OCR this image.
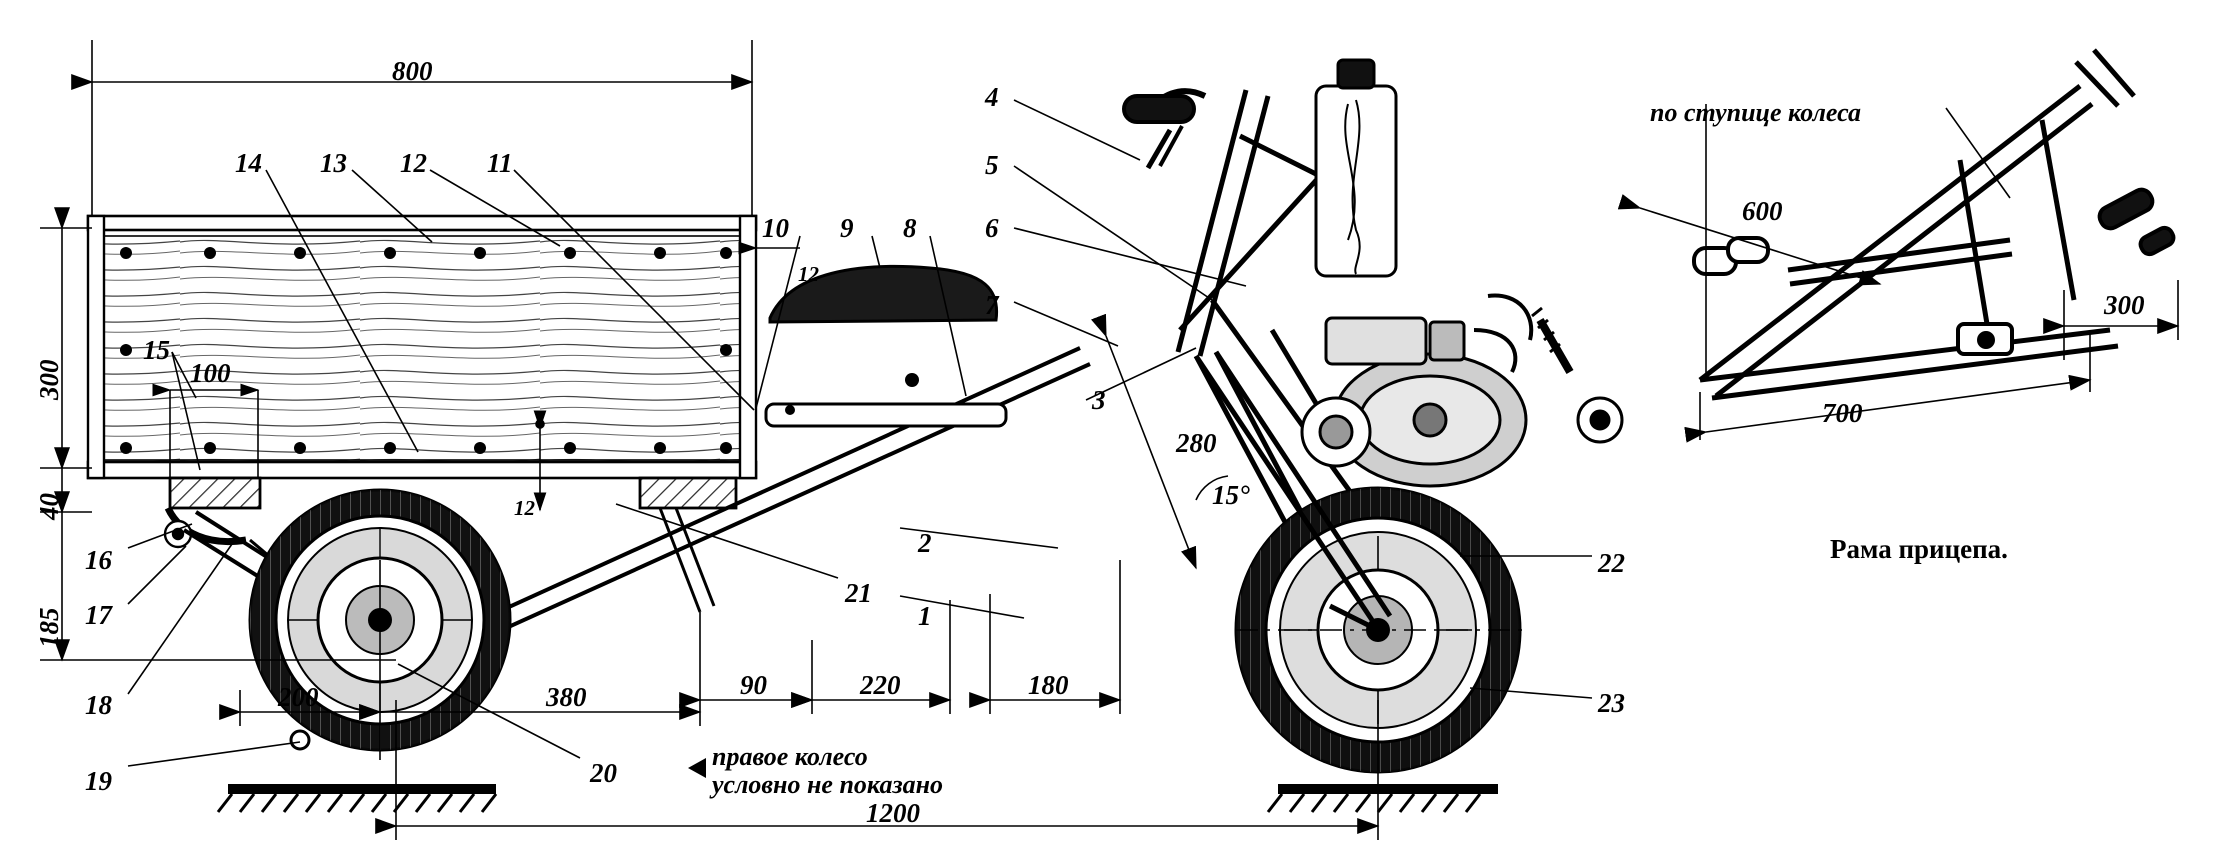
1
2
3
4
5
6
7
8
9
10
11
12
13
14
15
16
17
18
19	20
21
22
23
800
12
12
100
300
40
185
200	380	90	220	180
280
15°
1200
600
300
700
по ступице колеса
Рама прицепа.
правое колесо
условно не показано
